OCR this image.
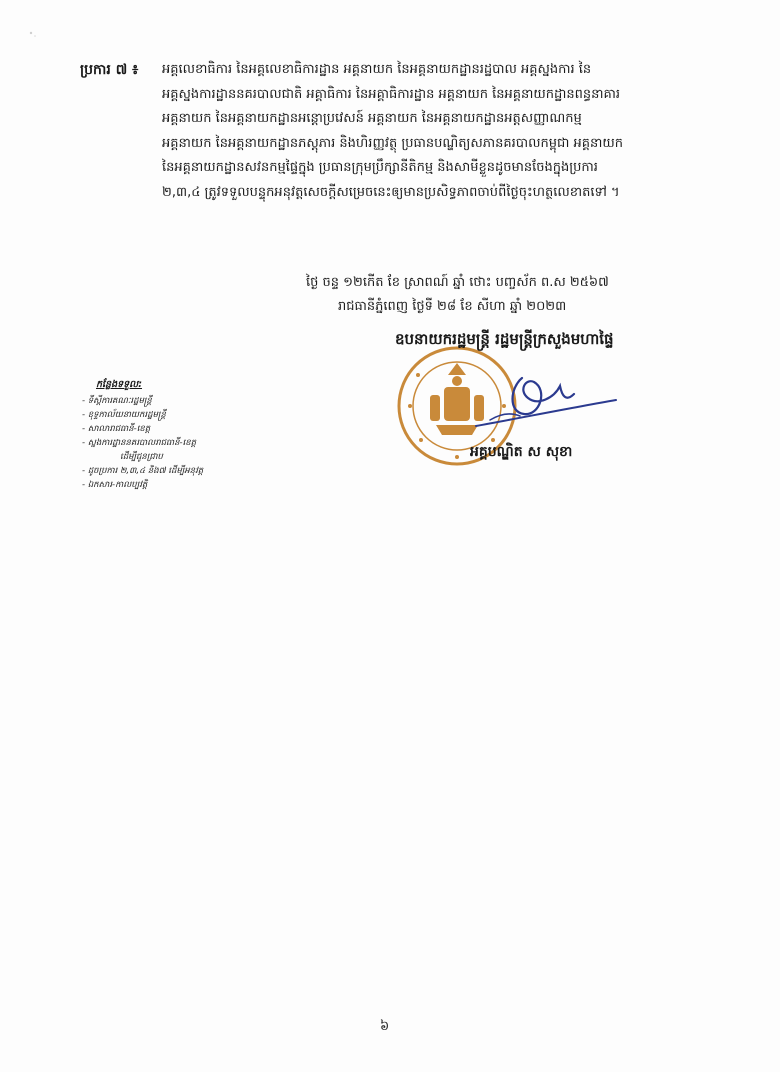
ប្រការ ៧ ៖ អគ្គលេខាធិការ នៃអគ្គលេខាធិការដ្ឋាន អគ្គនាយក នៃអគ្គនាយកដ្ឋានរដ្ឋបាល អគ្គស្នងការ នៃ
អគ្គស្នងការដ្ឋាននគរបាលជាតិ អគ្គាធិការ នៃអគ្គាធិការដ្ឋាន អគ្គនាយក នៃអគ្គនាយកដ្ឋានពន្ធនាគារ
អគ្គនាយក នៃអគ្គនាយកដ្ឋានអន្តោប្រវេសន៍ អគ្គនាយក នៃអគ្គនាយកដ្ឋានអត្តសញ្ញាណកម្ម
អគ្គនាយក នៃអគ្គនាយកដ្ឋានភស្តុភារ និងហិរញ្ញវត្ថុ ប្រធានបណ្ឌិត្យសភានគរបាលកម្ពុជា អគ្គនាយក
នៃអគ្គនាយកដ្ឋានសវនកម្មផ្ទៃក្នុង ប្រធានក្រុមប្រឹក្សានីតិកម្ម និងសាមីខ្លួនដូចមានចែងក្នុងប្រការ
២,៣,៤ ត្រូវទទួលបន្ទុកអនុវត្តសេចក្ដីសម្រេចនេះឲ្យមានប្រសិទ្ធភាពចាប់ពីថ្ងៃចុះហត្ថលេខាតទៅ ។
ថ្ងៃ ចន្ទ ១២កើត ខែ ស្រាពណ៍ ឆ្នាំ ថោះ បញ្ចស័ក ព.ស ២៥៦៧
រាជធានីភ្នំពេញ ថ្ងៃទី ២៨ ខែ សីហា ឆ្នាំ ២០២៣
ឧបនាយករដ្ឋមន្ត្រី រដ្ឋមន្ត្រីក្រសួងមហាផ្ទៃ
អគ្គបណ្ឌិត ស សុខា
កន្លែងទទួល:
- ទីស្ដីការគណៈរដ្ឋមន្ត្រី
- ខុទ្ទកាល័យនាយករដ្ឋមន្ត្រី
- សាលារាជធានី-ខេត្ត
- ស្នងការដ្ឋាននគរបាលរាជធានី-ខេត្ត
ដើម្បីជូនជ្រាប
- ដូចប្រការ ២,៣,៤ និង៧ ដើម្បីអនុវត្ត
- ឯកសារ-កាលប្បវត្តិ
៦
